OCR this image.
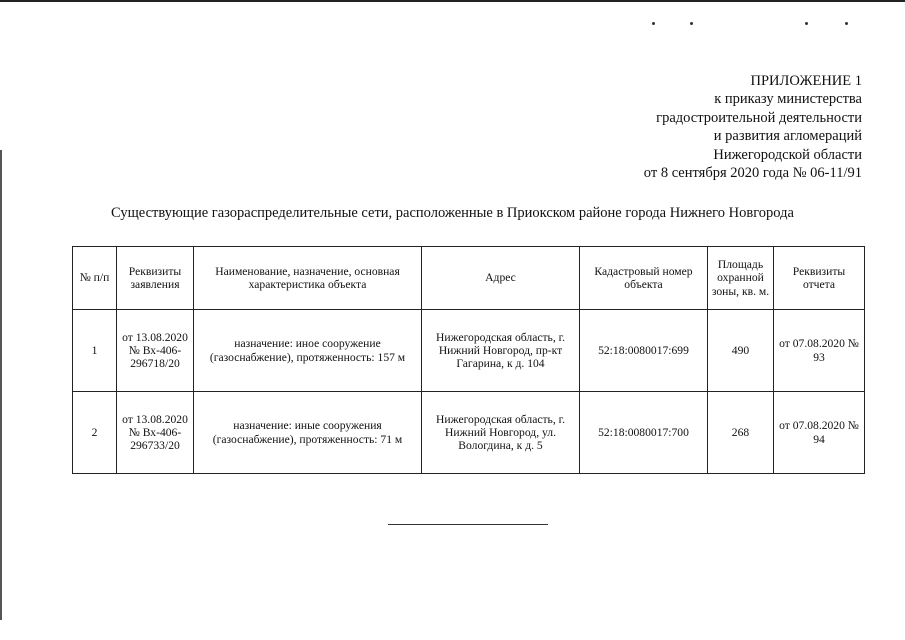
ПРИЛОЖЕНИЕ 1
к приказу министерства
градостроительной деятельности
и развития агломераций
Нижегородской области
от 8 сентября 2020 года № 06-11/91
Существующие газораспределительные сети, расположенные в Приокском районе города Нижнего Новгорода
№ п/п	Реквизиты заявления	Наименование, назначение, основная характеристика объекта	Адрес	Кадастровый номер объекта	Площадь охранной зоны, кв. м.	Реквизиты отчета
1	от 13.08.2020 № Вх-406-296718/20	назначение: иное сооружение (газоснабжение), протяженность: 157 м	Нижегородская область, г. Нижний Новгород, пр-кт Гагарина, к д. 104	52:18:0080017:699	490	от 07.08.2020 № 93
2	от 13.08.2020 № Вх-406-296733/20	назначение: иные сооружения (газоснабжение), протяженность: 71 м	Нижегородская область, г. Нижний Новгород, ул. Вологдина, к д. 5	52:18:0080017:700	268	от 07.08.2020 № 94
